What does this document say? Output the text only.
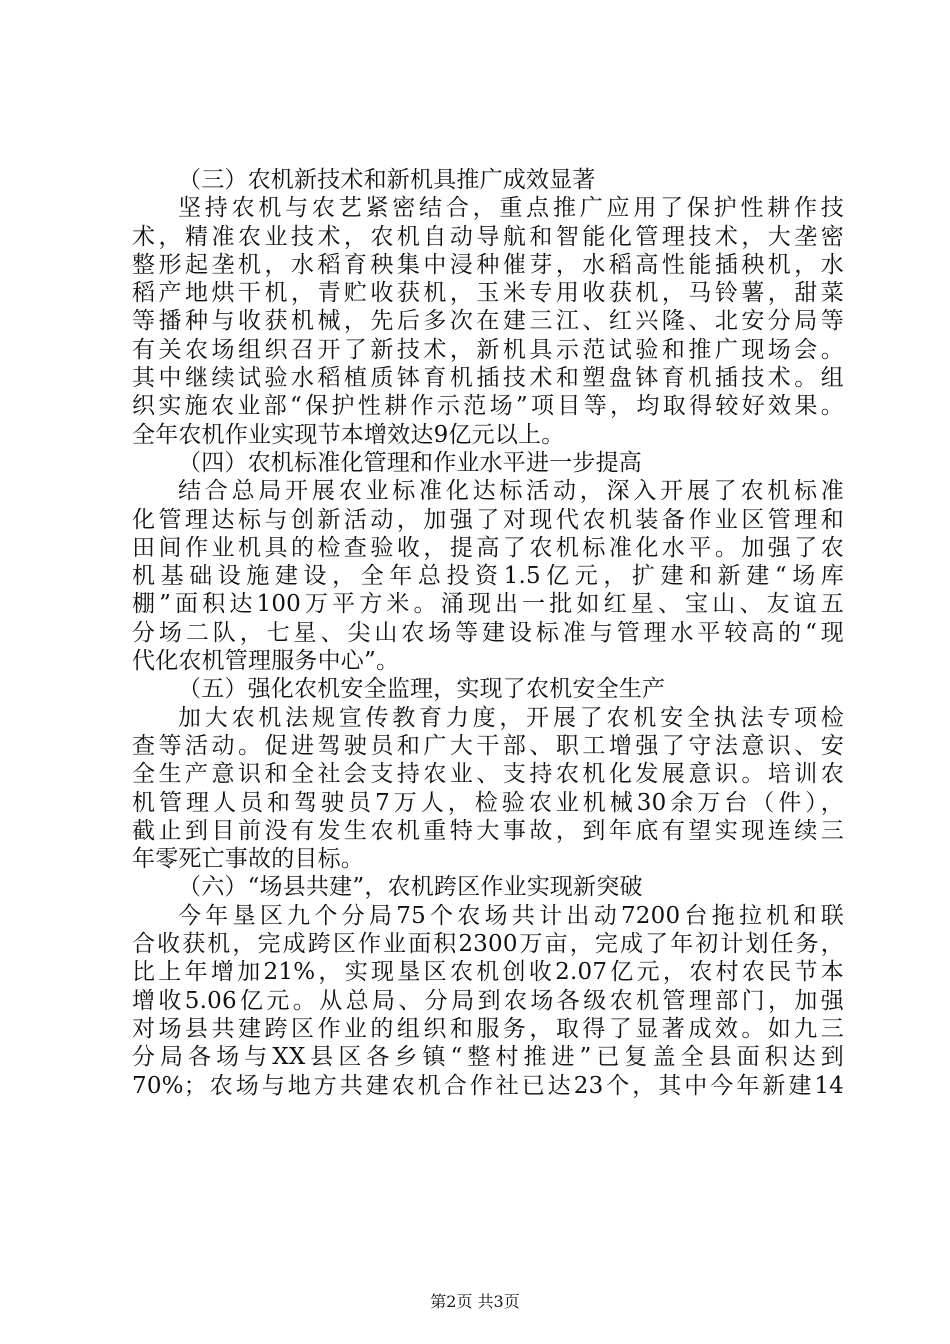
（三）农机新技术和新机具推广成效显著
坚持农机与农艺紧密结合，重点推广应用了保护性耕作技
术，精准农业技术，农机自动导航和智能化管理技术，大垄密
整形起垄机，水稻育秧集中浸种催芽，水稻高性能插秧机，水
稻产地烘干机，青贮收获机，玉米专用收获机，马铃薯，甜菜
等播种与收获机械，先后多次在建三江、红兴隆、北安分局等
有关农场组织召开了新技术，新机具示范试验和推广现场会。
其中继续试验水稻植质钵育机插技术和塑盘钵育机插技术。组
织实施农业部“保护性耕作示范场”项目等，均取得较好效果。
全年农机作业实现节本增效达9亿元以上。
（四）农机标准化管理和作业水平进一步提高
结合总局开展农业标准化达标活动，深入开展了农机标准
化管理达标与创新活动，加强了对现代农机装备作业区管理和
田间作业机具的检查验收，提高了农机标准化水平。加强了农
机基础设施建设，全年总投资1.5亿元，扩建和新建“场库
棚”面积达100万平方米。涌现出一批如红星、宝山、友谊五
分场二队，七星、尖山农场等建设标准与管理水平较高的“现
代化农机管理服务中心”。
（五）强化农机安全监理，实现了农机安全生产
加大农机法规宣传教育力度，开展了农机安全执法专项检
查等活动。促进驾驶员和广大干部、职工增强了守法意识、安
全生产意识和全社会支持农业、支持农机化发展意识。培训农
机管理人员和驾驶员7万人，检验农业机械30余万台（件），
截止到目前没有发生农机重特大事故，到年底有望实现连续三
年零死亡事故的目标。
（六）“场县共建”，农机跨区作业实现新突破
今年垦区九个分局75个农场共计出动7200台拖拉机和联
合收获机，完成跨区作业面积2300万亩，完成了年初计划任务，
比上年增加21%，实现垦区农机创收2.07亿元，农村农民节本
增收5.06亿元。从总局、分局到农场各级农机管理部门，加强
对场县共建跨区作业的组织和服务，取得了显著成效。如九三
分局各场与XX县区各乡镇“整村推进”已复盖全县面积达到
70%；农场与地方共建农机合作社已达23个，其中今年新建14
第2页 共3页
